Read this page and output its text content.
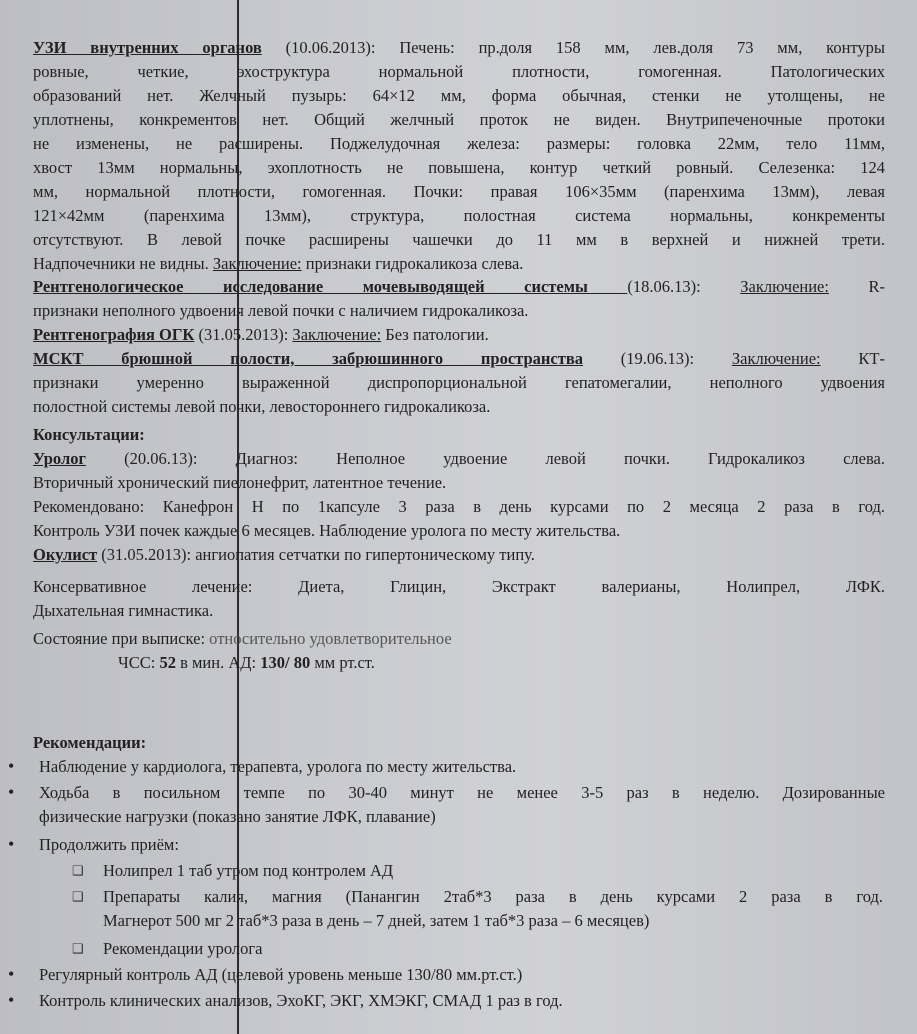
УЗИ внутренних органов (10.06.2013): Печень: пр.доля 158 мм, лев.доля 73 мм, контуры
ровные, четкие, эхоструктура нормальной плотности, гомогенная. Патологических
образований нет. Желчный пузырь: 64×12 мм, форма обычная, стенки не утолщены, не
уплотнены, конкрементов нет. Общий желчный проток не виден. Внутрипеченочные протоки
не изменены, не расширены. Поджелудочная железа: размеры: головка 22мм, тело 11мм,
хвост 13мм нормальны, эхоплотность не повышена, контур четкий ровный. Селезенка: 124
мм, нормальной плотности, гомогенная. Почки: правая 106×35мм (паренхима 13мм), левая
121×42мм (паренхима 13мм), структура, полостная система нормальны, конкременты
отсутствуют. В левой почке расширены чашечки до 11 мм в верхней и нижней трети.
Надпочечники не видны. Заключение: признаки гидрокаликоза слева.
Рентгенологическое исследование мочевыводящей системы (18.06.13): Заключение: R-
признаки неполного удвоения левой почки с наличием гидрокаликоза.
Рентгенография ОГК (31.05.2013): Заключение: Без патологии.
МСКТ брюшной полости, забрюшинного пространства (19.06.13): Заключение: КТ-
признаки умеренно выраженной диспропорциональной гепатомегалии, неполного удвоения
полостной системы левой почки, левостороннего гидрокаликоза.
Консультации:
Уролог (20.06.13): Диагноз: Неполное удвоение левой почки. Гидрокаликоз слева.
Вторичный хронический пиелонефрит, латентное течение.
Рекомендовано: Канефрон Н по 1капсуле 3 раза в день курсами по 2 месяца 2 раза в год.
Контроль УЗИ почек каждые 6 месяцев. Наблюдение уролога по месту жительства.
Окулист (31.05.2013): ангиопатия сетчатки по гипертоническому типу.
Консервативное лечение: Диета, Глицин, Экстракт валерианы, Нолипрел, ЛФК.
Дыхательная гимнастика.
Состояние при выписке: относительно удовлетворительное
ЧСС: 52 в мин. АД: 130/ 80 мм рт.ст.
Рекомендации:
• Наблюдение у кардиолога, терапевта, уролога по месту жительства.
• Ходьба в посильном темпе по 30-40 минут не менее 3-5 раз в неделю. Дозированные
физические нагрузки (показано занятие ЛФК, плавание)
• Продолжить приём:
❑ Нолипрел 1 таб утром под контролем АД
❑ Препараты калия, магния (Панангин 2таб*3 раза в день курсами 2 раза в год.
Магнерот 500 мг 2 таб*3 раза в день – 7 дней, затем 1 таб*3 раза – 6 месяцев)
❑ Рекомендации уролога
• Регулярный контроль АД (целевой уровень меньше 130/80 мм.рт.ст.)
• Контроль клинических анализов, ЭхоКГ, ЭКГ, ХМЭКГ, СМАД 1 раз в год.
